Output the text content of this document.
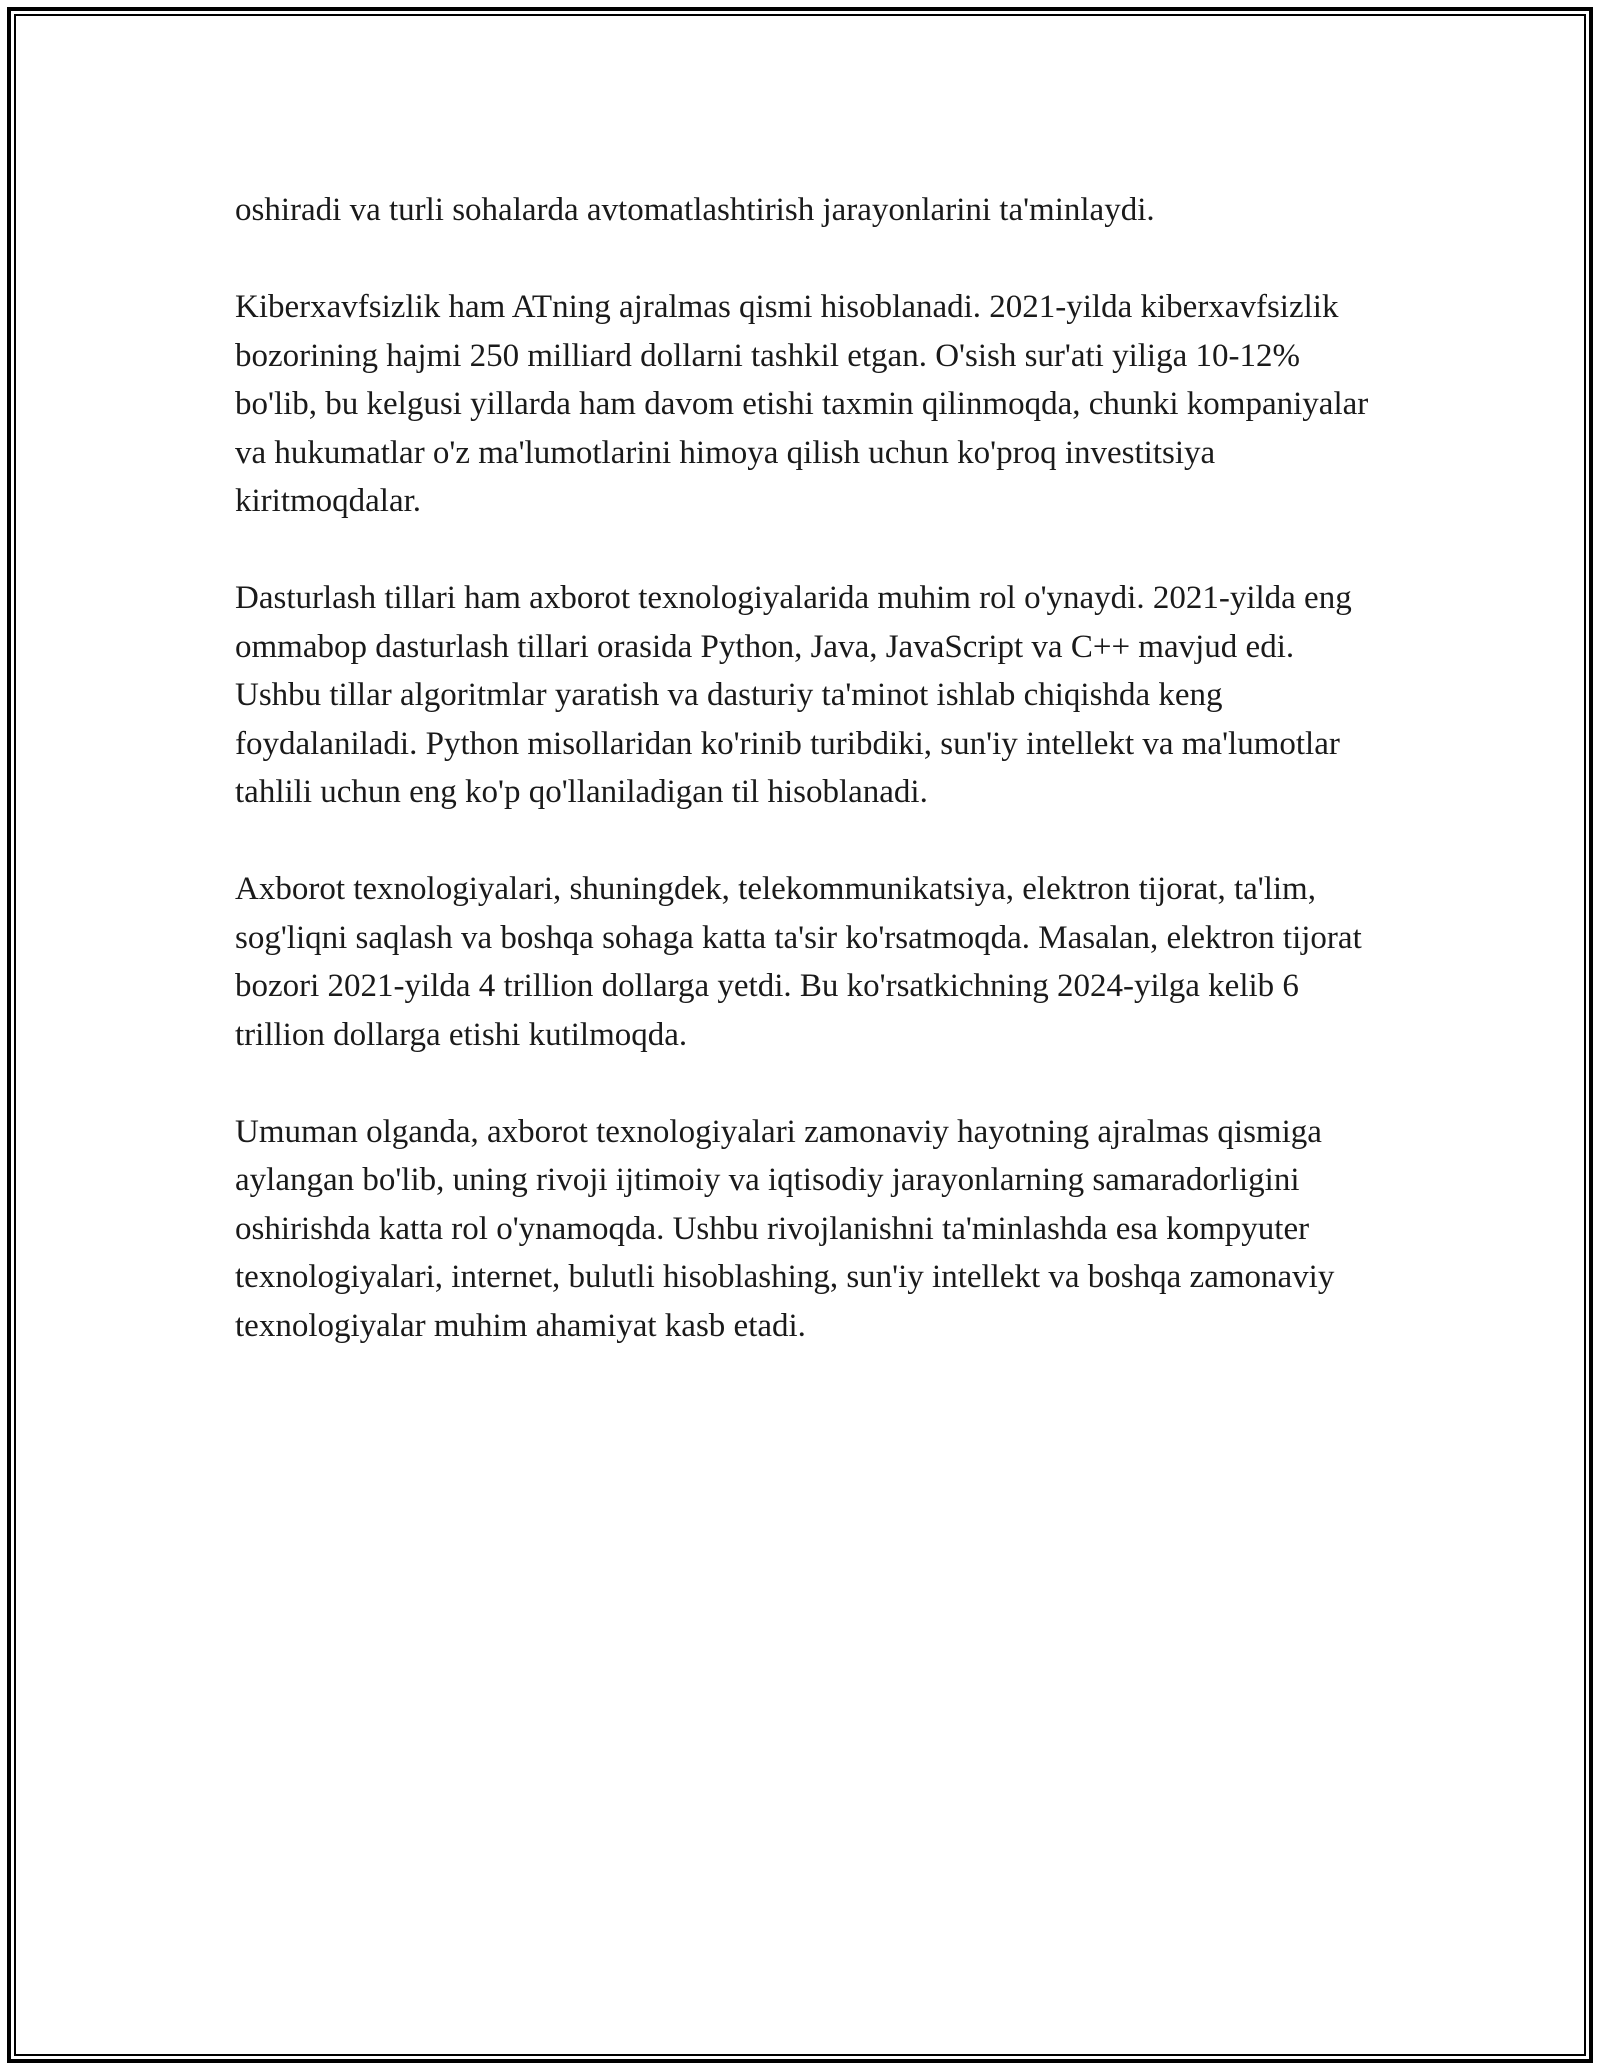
oshiradi va turli sohalarda avtomatlashtirish jarayonlarini ta'minlaydi.

Kiberxavfsizlik ham ATning ajralmas qismi hisoblanadi. 2021-yilda kiberxavfsizlik bozorining hajmi 250 milliard dollarni tashkil etgan. O'sish sur'ati yiliga 10-12% bo'lib, bu kelgusi yillarda ham davom etishi taxmin qilinmoqda, chunki kompaniyalar va hukumatlar o'z ma'lumotlarini himoya qilish uchun ko'proq investitsiya kiritmoqdalar.

Dasturlash tillari ham axborot texnologiyalarida muhim rol o'ynaydi. 2021-yilda eng ommabop dasturlash tillari orasida Python, Java, JavaScript va C++ mavjud edi. Ushbu tillar algoritmlar yaratish va dasturiy ta'minot ishlab chiqishda keng foydalaniladi. Python misollaridan ko'rinib turibdiki, sun'iy intellekt va ma'lumotlar tahlili uchun eng ko'p qo'llaniladigan til hisoblanadi.

Axborot texnologiyalari, shuningdek, telekommunikatsiya, elektron tijorat, ta'lim, sog'liqni saqlash va boshqa sohaga katta ta'sir ko'rsatmoqda. Masalan, elektron tijorat bozori 2021-yilda 4 trillion dollarga yetdi. Bu ko'rsatkichning 2024-yilga kelib 6 trillion dollarga etishi kutilmoqda.

Umuman olganda, axborot texnologiyalari zamonaviy hayotning ajralmas qismiga aylangan bo'lib, uning rivoji ijtimoiy va iqtisodiy jarayonlarning samaradorligini oshirishda katta rol o'ynamoqda. Ushbu rivojlanishni ta'minlashda esa kompyuter texnologiyalari, internet, bulutli hisoblashing, sun'iy intellekt va boshqa zamonaviy texnologiyalar muhim ahamiyat kasb etadi.
